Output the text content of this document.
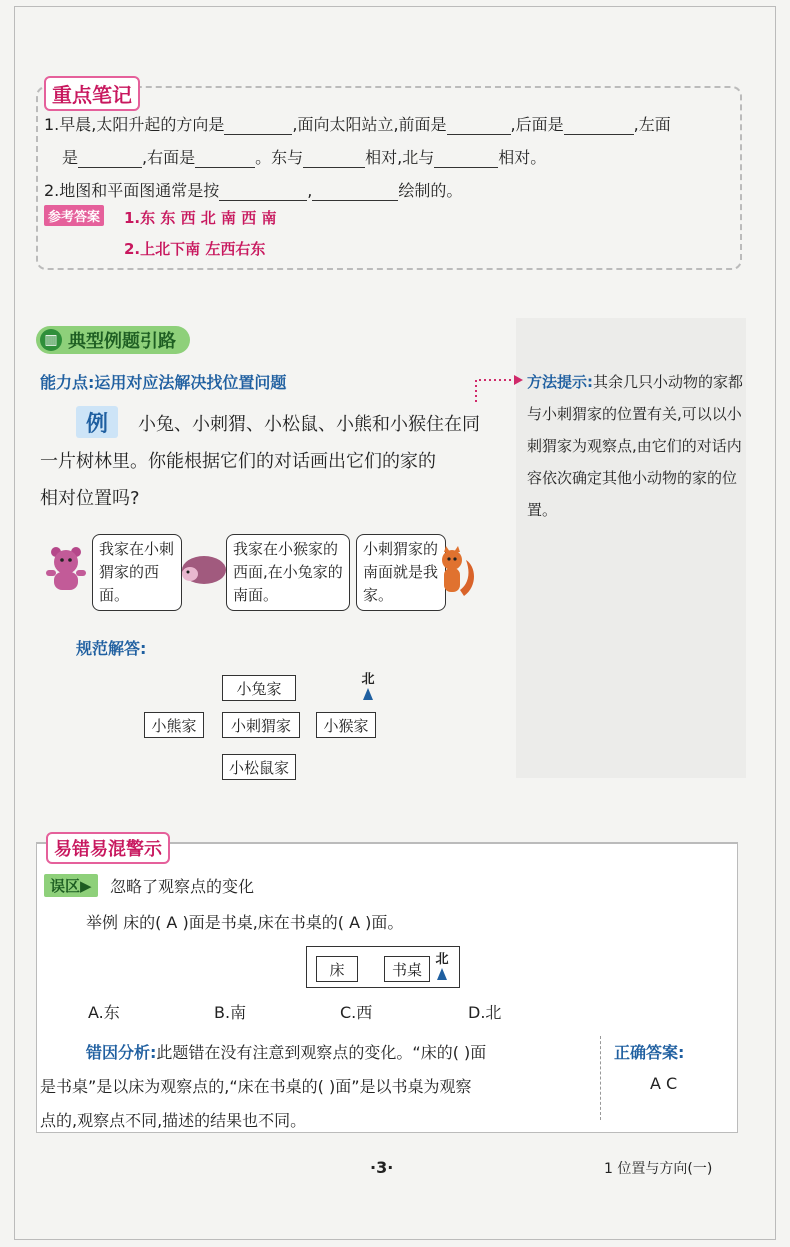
重点笔记
1.早晨,太阳升起的方向是	,面向太阳站立,前面是	,后面是	,左面
是	,右面是	。东与	相对,北与	相对。
2.地图和平面图通常是按	,	绘制的。
参考答案 1.东 东 西 北 南 西 南
2.上北下南 左西右东
▥ 典型例题引路
能力点:运用对应法解决找位置问题	方法提示:其余几只小动物的家都与小刺猬家的位置有关,可以以小刺猬家为观察点,由它们的对话内容依次确定其他小动物的家的位置。
例	小兔、小刺猬、小松鼠、小熊和小猴住在同
一片树林里。你能根据它们的对话画出它们的家的
相对位置吗?
我家在小刺猬家的西面。
我家在小猴家的西面,在小兔家的南面。
小刺猬家的南面就是我家。
规范解答:
小兔家
小熊家	小刺猬家	小猴家
小松鼠家
北
易错易混警示
误区▶	忽略了观察点的变化
举例 床的( A )面是书桌,床在书桌的( A )面。
床	书桌
北
A.东	B.南	C.西	D.北
错因分析:此题错在没有注意到观察点的变化。“床的( )面
是书桌”是以床为观察点的,“床在书桌的( )面”是以书桌为观察
点的,观察点不同,描述的结果也不同。
正确答案:
A C
·3·	1 位置与方向(一)
